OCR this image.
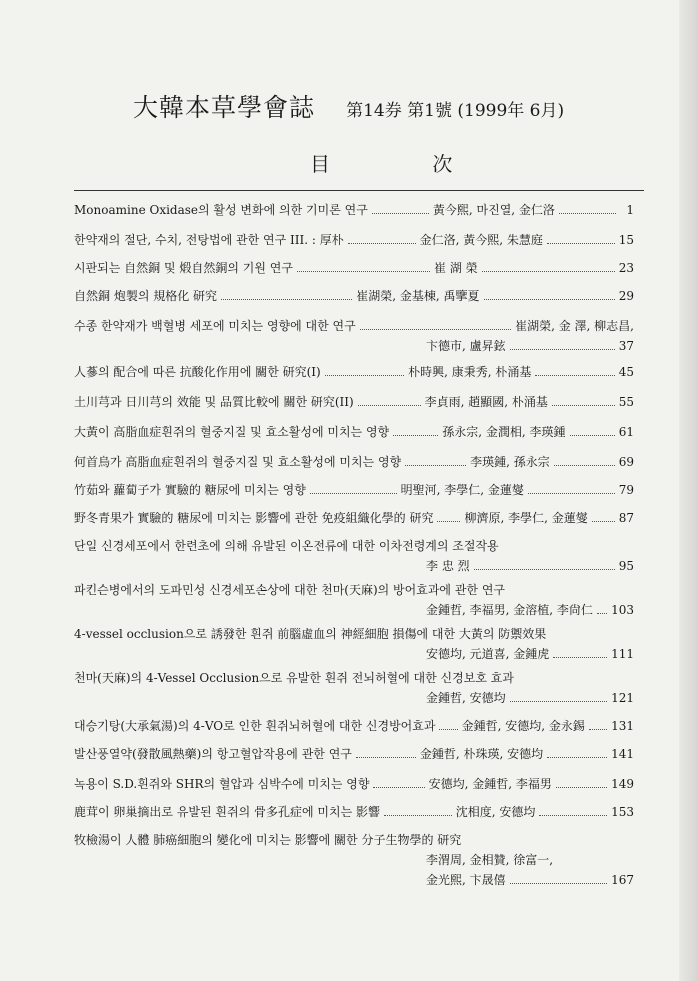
大韓本草學會誌 第14券 第1號 (1999年 6月)
目 次
Monoamine Oxidase의 활성 변화에 의한 기미론 연구	黃今熙, 마진열, 金仁洛	1
한약재의 절단, 수치, 전탕법에 관한 연구 III. : 厚朴	金仁洛, 黃今熙, 朱慧庭	15
시판되는 自然銅 및 煅自然銅의 기원 연구	崔 湖 榮	23
自然銅 炮製의 規格化 研究	崔湖榮, 金基棟, 禹擥夏	29
수종 한약재가 백혈병 세포에 미치는 영향에 대한 연구	崔湖榮, 金 澤, 柳志昌,
卞德市, 盧昇鉉	37
人蔘의 配合에 따른 抗酸化作用에 關한 研究(I)	朴時興, 康秉秀, 朴涌基	45
土川芎과 日川芎의 效能 및 品質比較에 關한 研究(II)	李貞雨, 趙顯國, 朴涌基	55
大黃이 高脂血症흰쥐의 혈중지질 및 효소활성에 미치는 영향	孫永宗, 金潤相, 李瑛鍾	61
何首烏가 高脂血症흰쥐의 혈중지질 및 효소활성에 미치는 영향	李瑛鍾, 孫永宗	69
竹茹와 蘿蔔子가 實驗的 糖尿에 미치는 영향	明聖河, 李學仁, 金蓮燮	79
野冬青果가 實驗的 糖尿에 미치는 影響에 관한 免疫組織化學的 研究	柳濟原, 李學仁, 金蓮燮	87
단일 신경세포에서 한련초에 의해 유발된 이온전류에 대한 이차전령계의 조절작용
李 忠 烈	95
파킨슨병에서의 도파민성 신경세포손상에 대한 천마(天麻)의 방어효과에 관한 연구
金鍾哲, 李福男, 金溶植, 李尙仁 103
4-vessel occlusion으로 誘發한 흰쥐 前腦虛血의 神經細胞 損傷에 대한 大黃의 防禦效果
安德均, 元道喜, 金鍾虎	111
천마(天麻)의 4-Vessel Occlusion으로 유발한 흰쥐 전뇌허혈에 대한 신경보호 효과
金鍾哲, 安德均	121
대승기탕(大承氣湯)의 4-VO로 인한 흰쥐뇌허혈에 대한 신경방어효과 金鍾哲, 安德均, 金永錫 131
발산풍열약(發散風熱藥)의 항고혈압작용에 관한 연구	金鍾哲, 朴珠瑛, 安德均	141
녹용이 S.D.흰쥐와 SHR의 혈압과 심박수에 미치는 영향	安德均, 金鍾哲, 李福男	149
鹿茸이 卵巢摘出로 유발된 흰쥐의 骨多孔症에 미치는 影響	沈相度, 安德均	153
牧檢湯이 人體 肺癌細胞의 變化에 미치는 影響에 關한 分子生物學的 研究
李渭周, 金相贊, 徐富一,
金光熙, 卞晟僖	167
